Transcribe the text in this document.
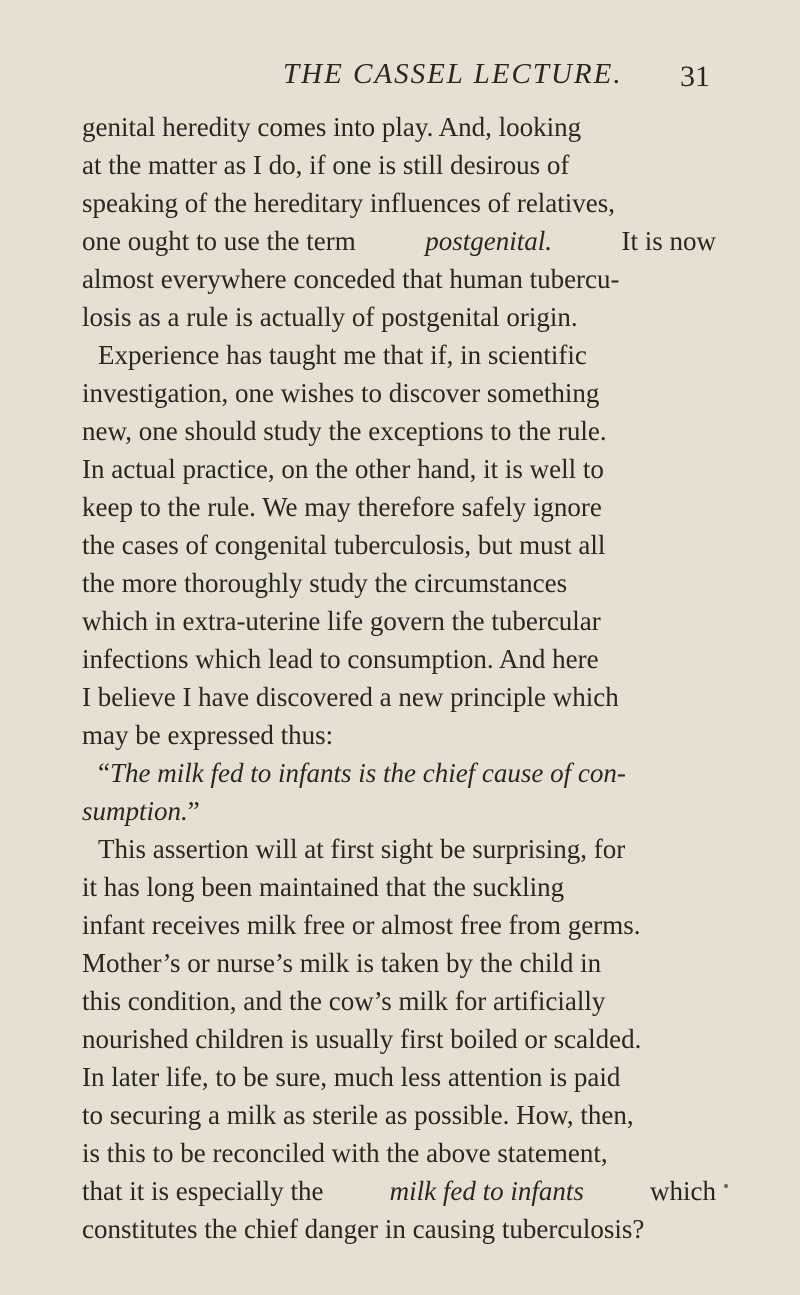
THE CASSEL LECTURE. 31
genital heredity comes into play. And, looking
at the matter as I do, if one is still desirous of
speaking of the hereditary influences of relatives,
one ought to use the term	postgenital.	It is now
almost everywhere conceded that human tubercu-
losis as a rule is actually of postgenital origin.
Experience has taught me that if, in scientific
investigation, one wishes to discover something
new, one should study the exceptions to the rule.
In actual practice, on the other hand, it is well to
keep to the rule. We may therefore safely ignore
the cases of congenital tuberculosis, but must all
the more thoroughly study the circumstances
which in extra-uterine life govern the tubercular
infections which lead to consumption. And here
I believe I have discovered a new principle which
may be expressed thus:
“The milk fed to infants is the chief cause of con-
sumption. ”
This assertion will at first sight be surprising, for
it has long been maintained that the suckling
infant receives milk free or almost free from germs.
Mother’s or nurse’s milk is taken by the child in
this condition, and the cow’s milk for artificially
nourished children is usually first boiled or scalded.
In later life, to be sure, much less attention is paid
to securing a milk as sterile as possible. How, then,
is this to be reconciled with the above statement,
that it is especially the milk fed to infants which
constitutes the chief danger in causing tuberculosis?
